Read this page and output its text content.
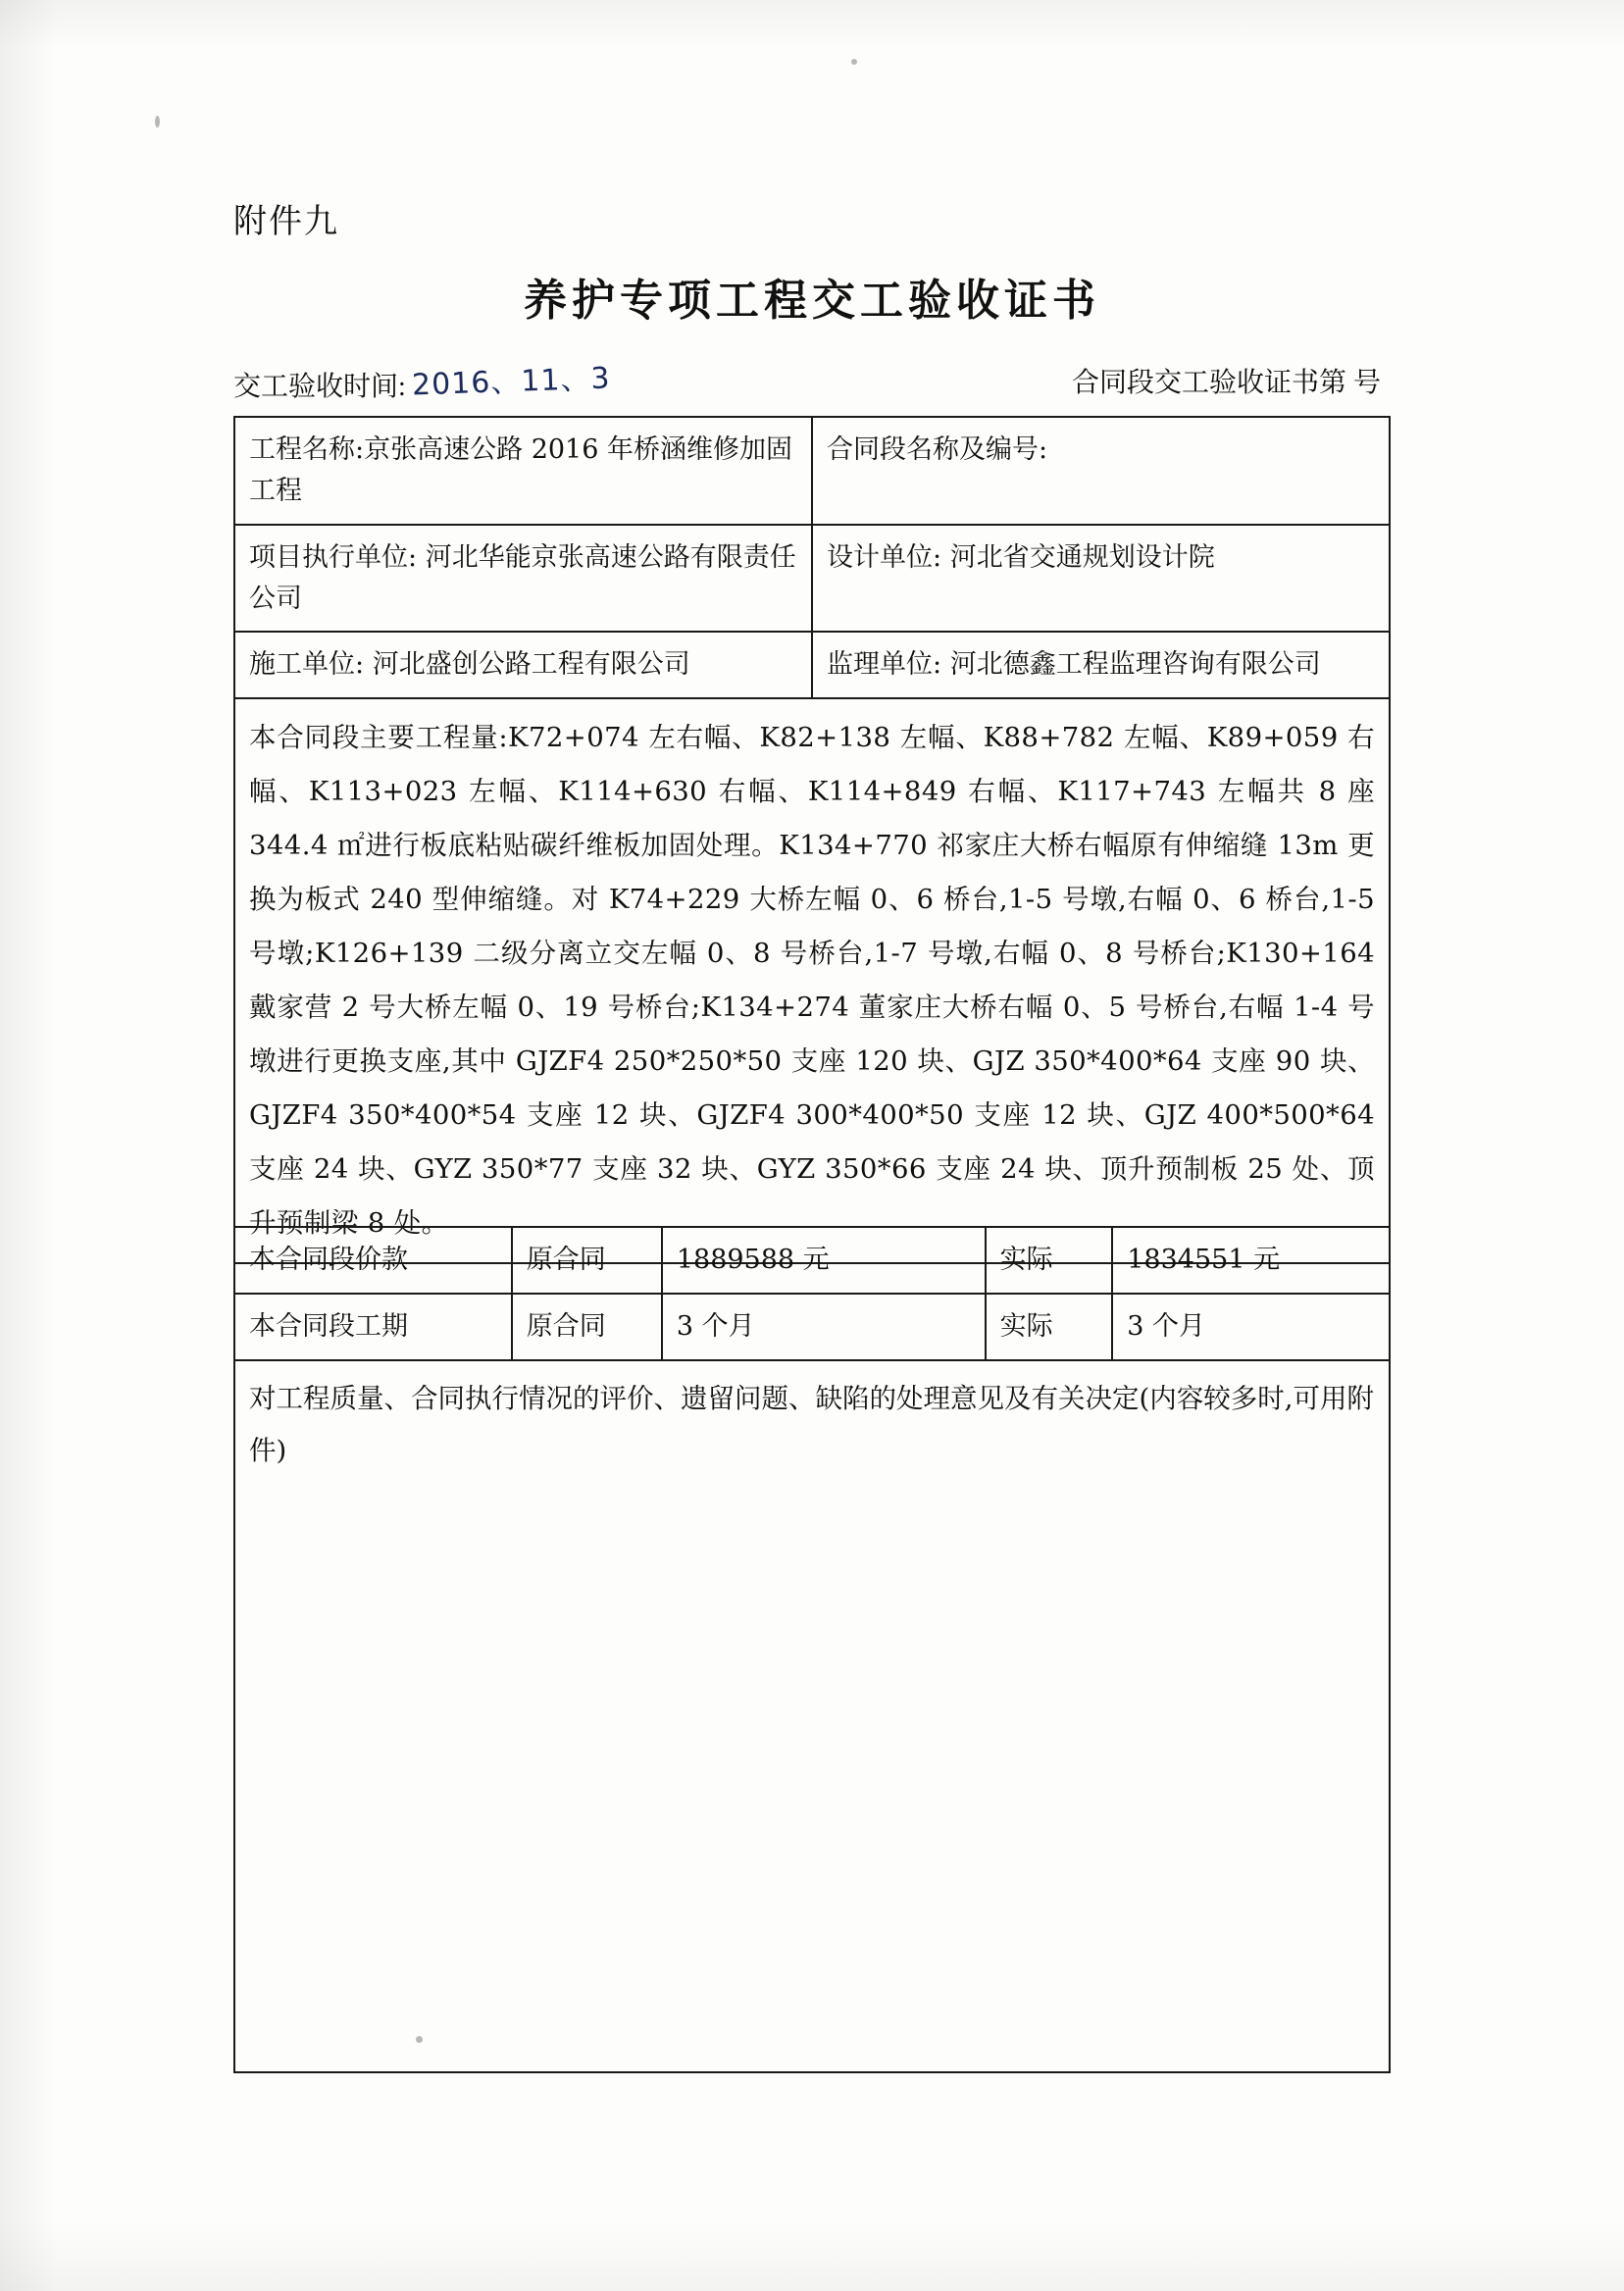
附件九
养护专项工程交工验收证书
交工验收时间: 2016、11、3	合同段交工验收证书第 号
工程名称:京张高速公路 2016 年桥涵维修加固工程	合同段名称及编号:
项目执行单位: 河北华能京张高速公路有限责任公司	设计单位: 河北省交通规划设计院
施工单位: 河北盛创公路工程有限公司	监理单位: 河北德鑫工程监理咨询有限公司

本合同段主要工程量:K72+074 左右幅、K82+138 左幅、K88+782 左幅、K89+059 右幅、K113+023 左幅、K114+630 右幅、K114+849 右幅、K117+743 左幅共 8 座 344.4 ㎡进行板底粘贴碳纤维板加固处理。K134+770 祁家庄大桥右幅原有伸缩缝 13m 更换为板式 240 型伸缩缝。对 K74+229 大桥左幅 0、6 桥台,1-5 号墩,右幅 0、6 桥台,1-5 号墩;K126+139 二级分离立交左幅 0、8 号桥台,1-7 号墩,右幅 0、8 号桥台;K130+164 戴家营 2 号大桥左幅 0、19 号桥台;K134+274 董家庄大桥右幅 0、5 号桥台,右幅 1-4 号墩进行更换支座,其中 GJZF4 250*250*50 支座 120 块、GJZ 350*400*64 支座 90 块、GJZF4 350*400*54 支座 12 块、GJZF4 300*400*50 支座 12 块、GJZ 400*500*64 支座 24 块、GYZ 350*77 支座 32 块、GYZ 350*66 支座 24 块、顶升预制板 25 处、顶升预制梁 8 处。	
本合同段价款	原合同	1889588 元	实际	1834551 元
本合同段工期	原合同	3 个月	实际	3 个月
对工程质量、合同执行情况的评价、遗留问题、缺陷的处理意见及有关决定(内容较多时,可用附件)
